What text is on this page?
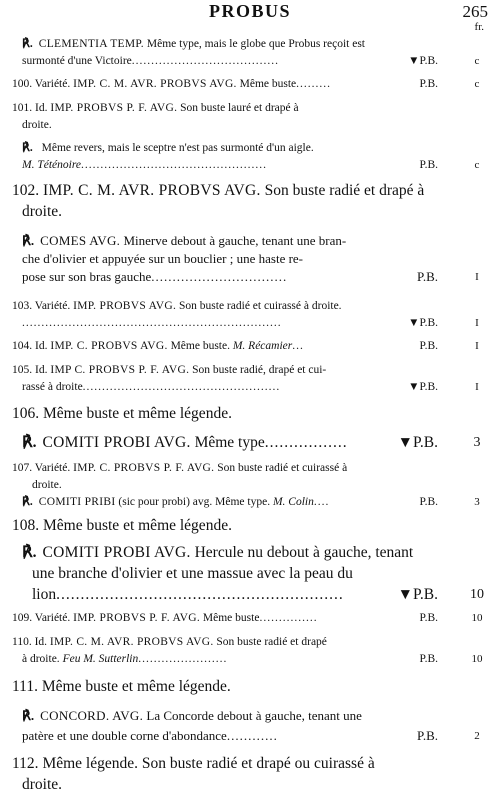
PROBUS	265
fr.
℟. CLEMENTIA TEMP. Même type, mais le globe que Probus reçoit est
surmonté d'une Victoire......................................	▼P.B.	c
100. Variété. IMP. C. M. AVR. PROBVS AVG. Même buste.........	P.B.	c
101. Id. IMP. PROBVS P. F. AVG. Son buste lauré et drapé à
droite.
℟. Même revers, mais le sceptre n'est pas surmonté d'un aigle.
M. Téténoire................................................	P.B.	c
102. IMP. C. M. AVR. PROBVS AVG. Son buste radié et drapé à
droite.
℟. COMES AVG. Minerve debout à gauche, tenant une bran-
che d'olivier et appuyée sur un bouclier ; une haste re-
pose sur son bras gauche................................	P.B.	I
103. Variété. IMP. PROBVS AVG. Son buste radié et cuirassé à droite.
...................................................................	▼P.B.	I
104. Id. IMP. C. PROBVS AVG. Même buste. M. Récamier...	P.B.	I
105. Id. IMP C. PROBVS P. F. AVG. Son buste radié, drapé et cui-
rassé à droite...................................................	▼P.B.	I
106. Même buste et même légende.
℟. COMITI PROBI AVG. Même type.................	▼P.B.	3
107. Variété. IMP. C. PROBVS P. F. AVG. Son buste radié et cuirassé à
droite.
℟. COMITI PRIBI (sic pour probi) avg. Même type. M. Colin....	P.B.	3
108. Même buste et même légende.
℟. COMITI PROBI AVG. Hercule nu debout à gauche, tenant
une branche d'olivier et une massue avec la peau du
lion...........................................................	▼P.B. 10
109. Variété. IMP. PROBVS P. F. AVG. Même buste...............	P.B.	10
110. Id. IMP. C. M. AVR. PROBVS AVG. Son buste radié et drapé
à droite. Feu M. Sutterlin.......................	P.B.	10
111. Même buste et même légende.
℟. CONCORD. AVG. La Concorde debout à gauche, tenant une
patère et une double corne d'abondance............	P.B.	2
112. Même légende. Son buste radié et drapé ou cuirassé à
droite.
